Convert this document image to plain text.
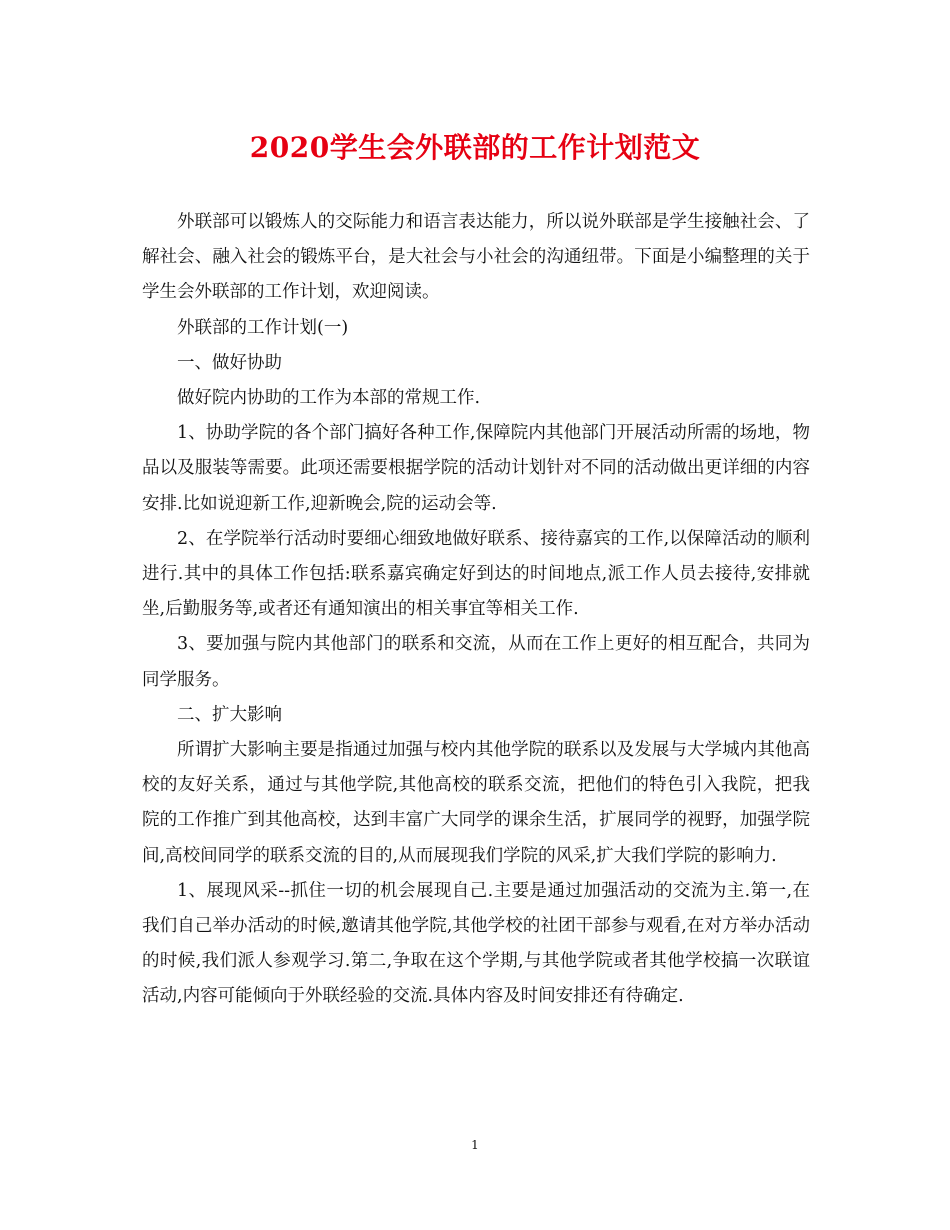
2020学生会外联部的工作计划范文

外联部可以锻炼人的交际能力和语言表达能力，所以说外联部是学生接触社会、了解社会、融入社会的锻炼平台，是大社会与小社会的沟通纽带。下面是小编整理的关于学生会外联部的工作计划，欢迎阅读。

外联部的工作计划(一)

一、做好协助

做好院内协助的工作为本部的常规工作.

1、协助学院的各个部门搞好各种工作,保障院内其他部门开展活动所需的场地，物品以及服装等需要。此项还需要根据学院的活动计划针对不同的活动做出更详细的内容安排.比如说迎新工作,迎新晚会,院的运动会等.

2、在学院举行活动时要细心细致地做好联系、接待嘉宾的工作,以保障活动的顺利进行.其中的具体工作包括:联系嘉宾确定好到达的时间地点,派工作人员去接待,安排就坐,后勤服务等,或者还有通知演出的相关事宜等相关工作.

3、要加强与院内其他部门的联系和交流，从而在工作上更好的相互配合，共同为同学服务。

二、扩大影响

所谓扩大影响主要是指通过加强与校内其他学院的联系以及发展与大学城内其他高校的友好关系，通过与其他学院,其他高校的联系交流，把他们的特色引入我院，把我院的工作推广到其他高校，达到丰富广大同学的课余生活，扩展同学的视野，加强学院间,高校间同学的联系交流的目的,从而展现我们学院的风采,扩大我们学院的影响力.

1、展现风采--抓住一切的机会展现自己.主要是通过加强活动的交流为主.第一,在我们自己举办活动的时候,邀请其他学院,其他学校的社团干部参与观看,在对方举办活动的时候,我们派人参观学习.第二,争取在这个学期,与其他学院或者其他学校搞一次联谊活动,内容可能倾向于外联经验的交流.具体内容及时间安排还有待确定.

1
